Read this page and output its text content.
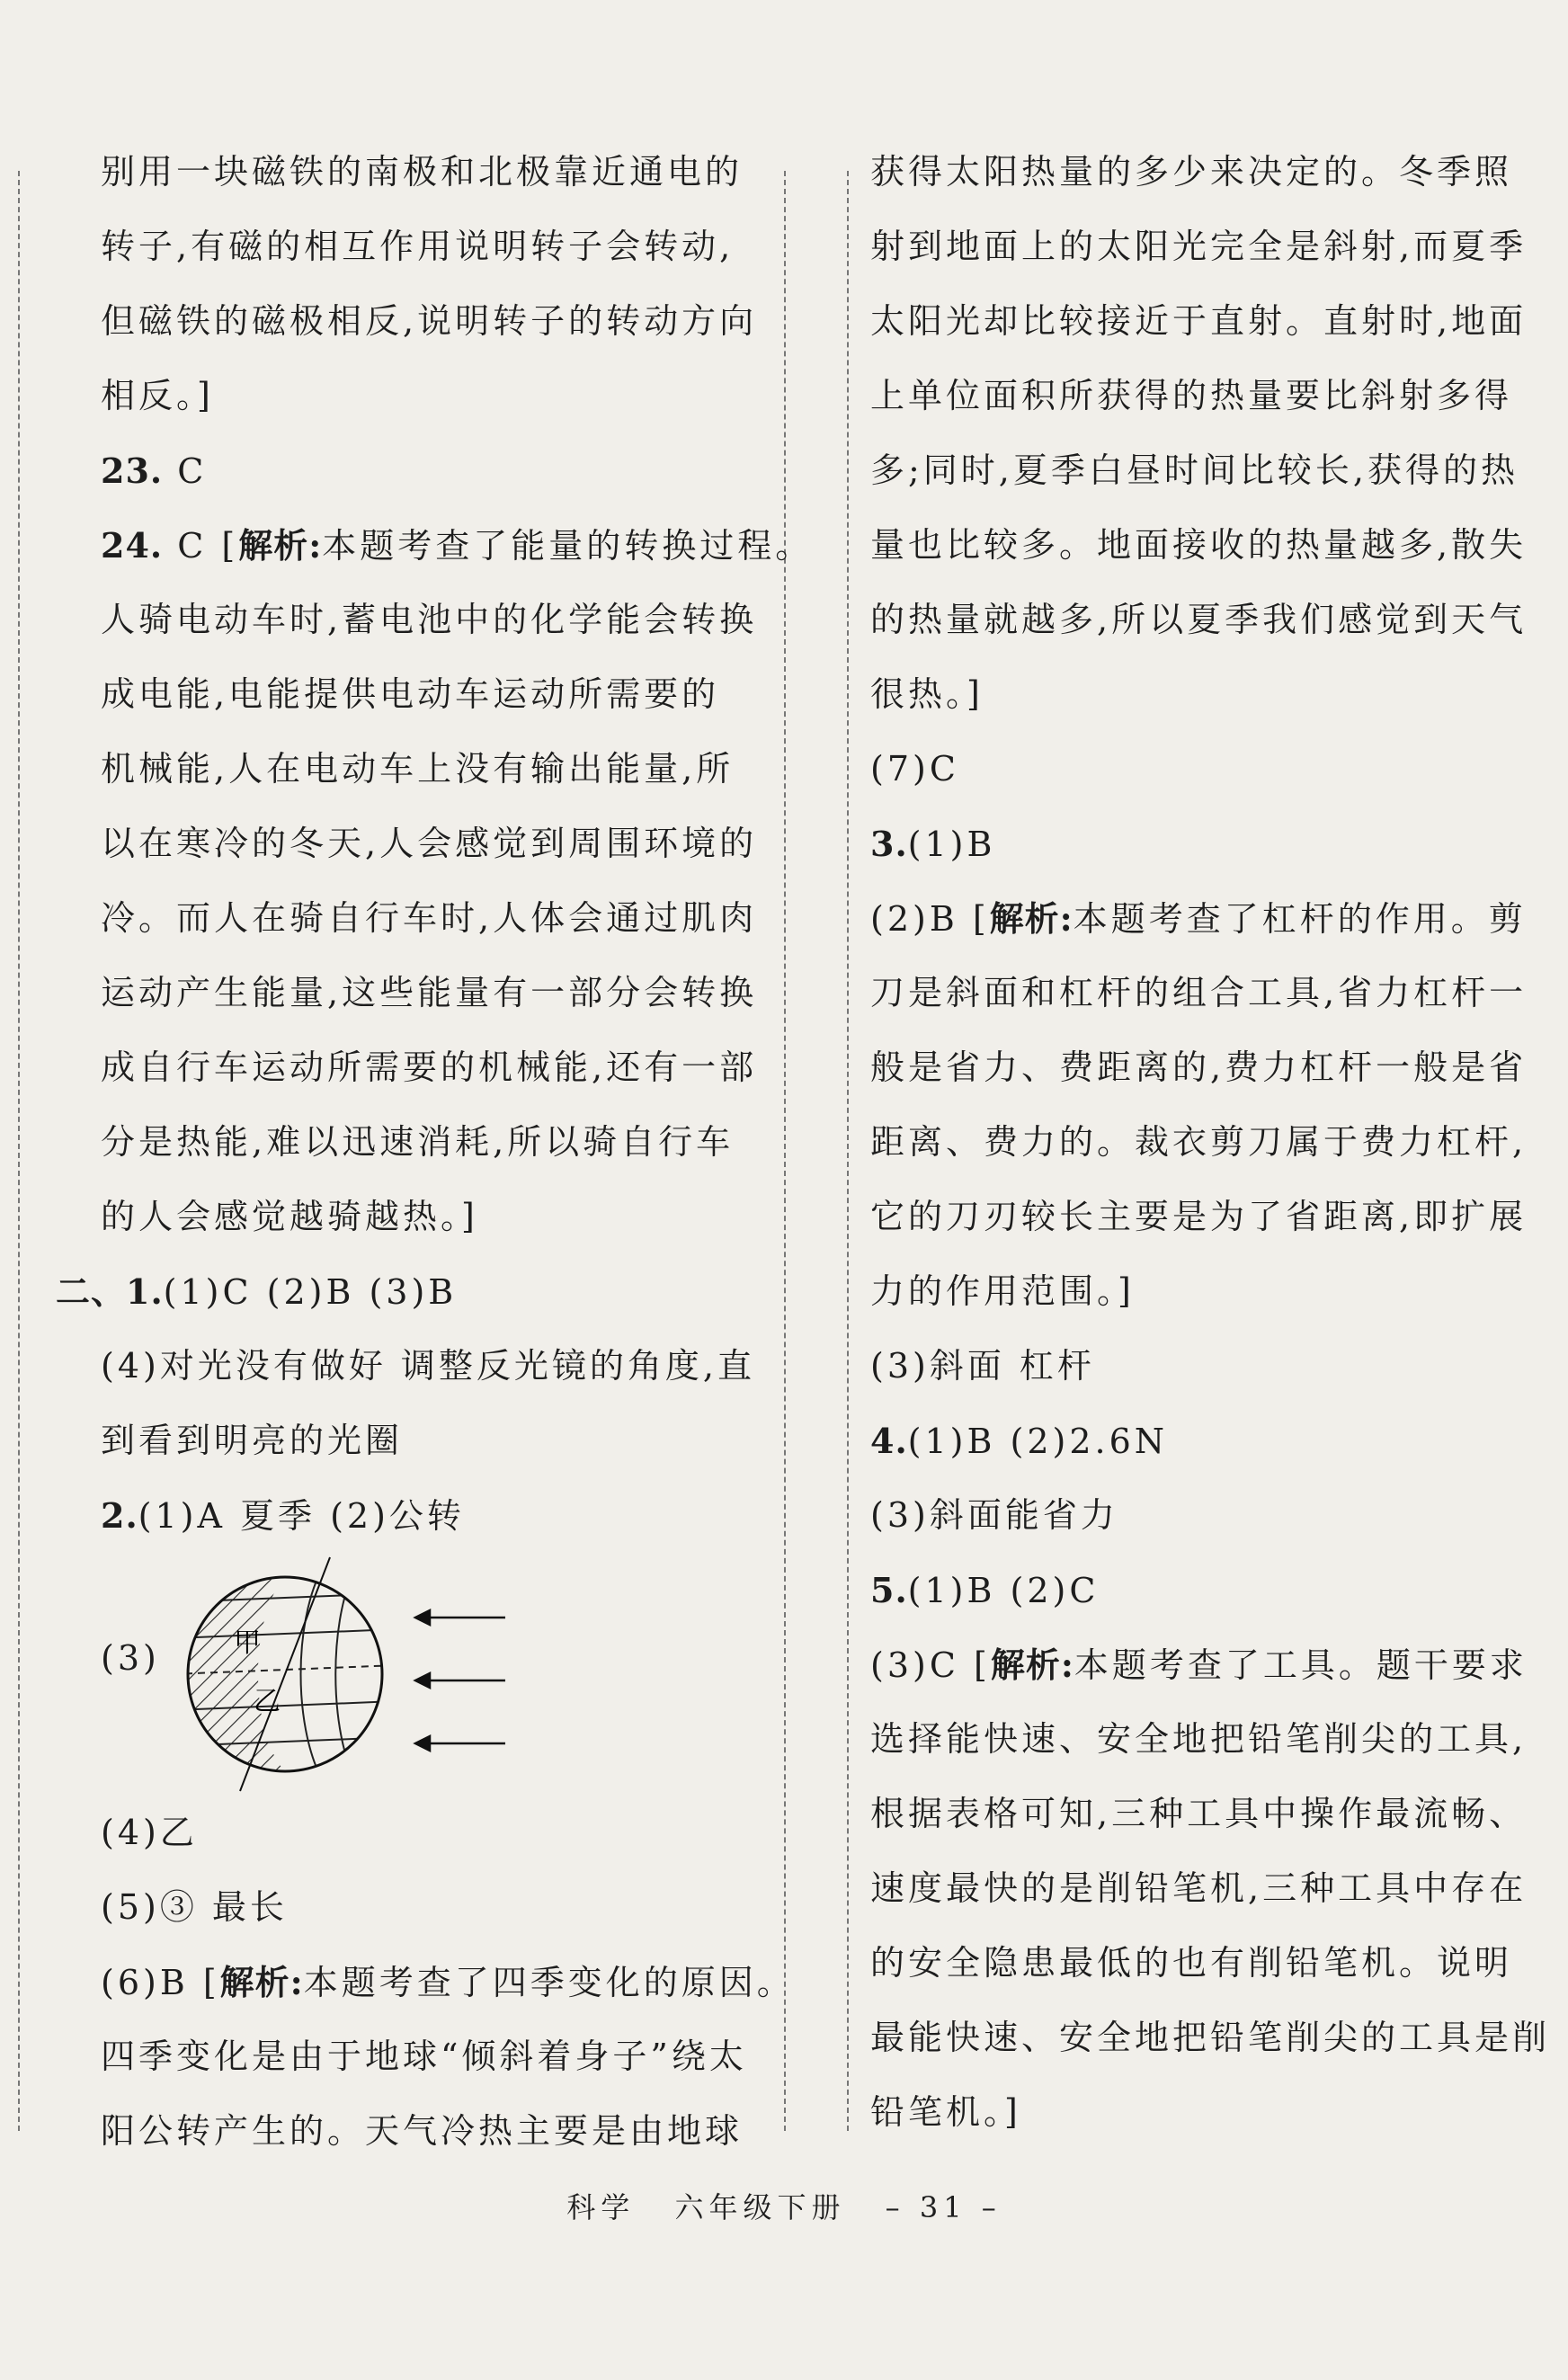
别用一块磁铁的南极和北极靠近通电的
转子,有磁的相互作用说明转子会转动,
但磁铁的磁极相反,说明转子的转动方向
相反。]
23. C
24. C [解析:本题考查了能量的转换过程。
人骑电动车时,蓄电池中的化学能会转换
成电能,电能提供电动车运动所需要的
机械能,人在电动车上没有输出能量,所
以在寒冷的冬天,人会感觉到周围环境的
冷。而人在骑自行车时,人体会通过肌肉
运动产生能量,这些能量有一部分会转换
成自行车运动所需要的机械能,还有一部
分是热能,难以迅速消耗,所以骑自行车
的人会感觉越骑越热。]
二、1.(1)C (2)B (3)B
(4)对光没有做好 调整反光镜的角度,直
到看到明亮的光圈
2.(1)A 夏季 (2)公转
(3)	甲
乙
(4)乙
(5)③ 最长
(6)B [解析:本题考查了四季变化的原因。
四季变化是由于地球“倾斜着身子”绕太
阳公转产生的。天气冷热主要是由地球
获得太阳热量的多少来决定的。冬季照
射到地面上的太阳光完全是斜射,而夏季
太阳光却比较接近于直射。直射时,地面
上单位面积所获得的热量要比斜射多得
多;同时,夏季白昼时间比较长,获得的热
量也比较多。地面接收的热量越多,散失
的热量就越多,所以夏季我们感觉到天气
很热。]
(7)C
3.(1)B
(2)B [解析:本题考查了杠杆的作用。剪
刀是斜面和杠杆的组合工具,省力杠杆一
般是省力、费距离的,费力杠杆一般是省
距离、费力的。裁衣剪刀属于费力杠杆,
它的刀刃较长主要是为了省距离,即扩展
力的作用范围。]
(3)斜面 杠杆
4.(1)B (2)2.6N
(3)斜面能省力
5.(1)B (2)C
(3)C [解析:本题考查了工具。题干要求
选择能快速、安全地把铅笔削尖的工具,
根据表格可知,三种工具中操作最流畅、
速度最快的是削铅笔机,三种工具中存在
的安全隐患最低的也有削铅笔机。说明
最能快速、安全地把铅笔削尖的工具是削
铅笔机。]
科学 六年级下册 – 31 –
